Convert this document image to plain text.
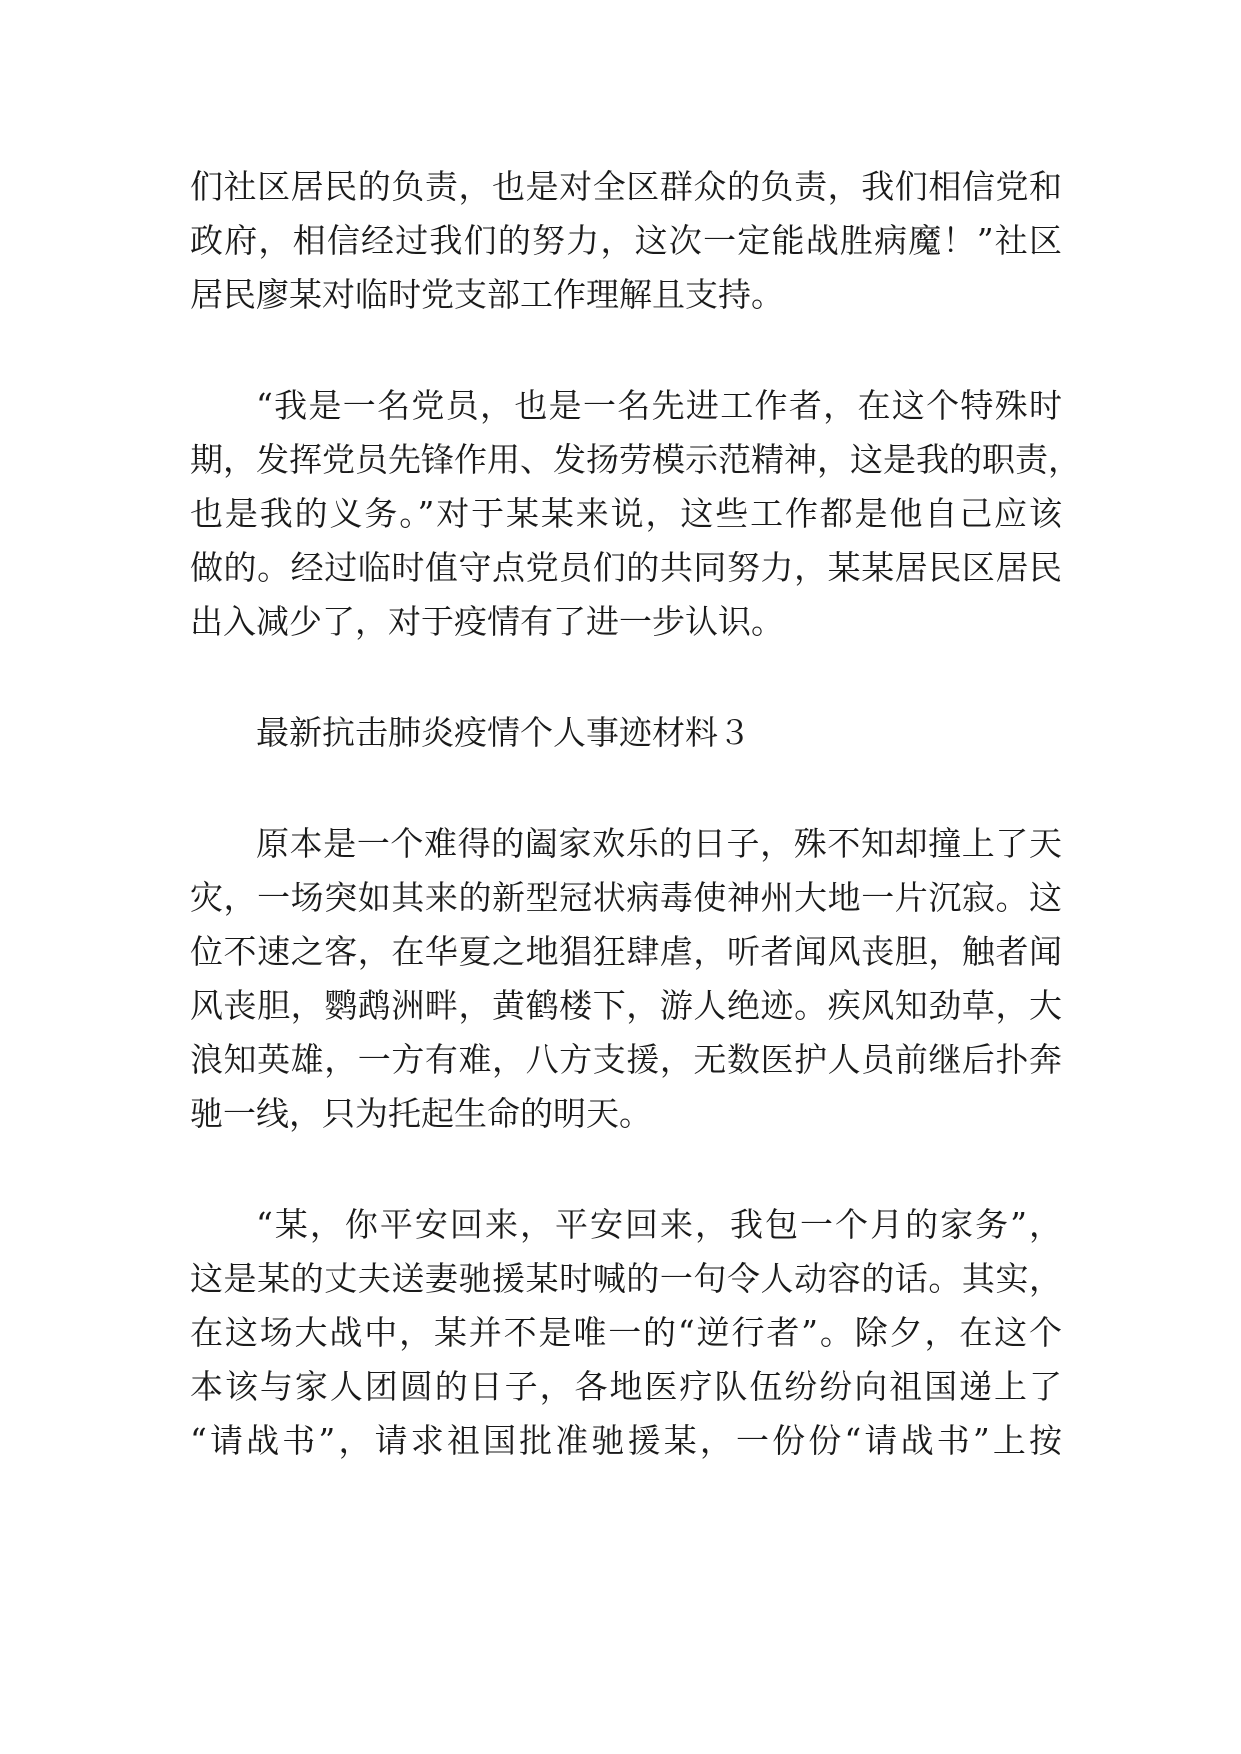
们社区居民的负责，也是对全区群众的负责，我们相信党和
政府，相信经过我们的努力，这次一定能战胜病魔！”社区
居民廖某对临时党支部工作理解且支持。
“我是一名党员，也是一名先进工作者，在这个特殊时
期，发挥党员先锋作用、发扬劳模示范精神，这是我的职责，
也是我的义务。”对于某某来说，这些工作都是他自己应该
做的。经过临时值守点党员们的共同努力，某某居民区居民
出入减少了，对于疫情有了进一步认识。
最新抗击肺炎疫情个人事迹材料３
原本是一个难得的阖家欢乐的日子，殊不知却撞上了天
灾，一场突如其来的新型冠状病毒使神州大地一片沉寂。这
位不速之客，在华夏之地猖狂肆虐，听者闻风丧胆，触者闻
风丧胆，鹦鹉洲畔，黄鹤楼下，游人绝迹。疾风知劲草，大
浪知英雄，一方有难，八方支援，无数医护人员前继后扑奔
驰一线，只为托起生命的明天。
“某，你平安回来，平安回来，我包一个月的家务”，
这是某的丈夫送妻驰援某时喊的一句令人动容的话。其实，
在这场大战中，某并不是唯一的“逆行者”。除夕，在这个
本该与家人团圆的日子，各地医疗队伍纷纷向祖国递上了
“请战书”，请求祖国批准驰援某，一份份“请战书”上按
